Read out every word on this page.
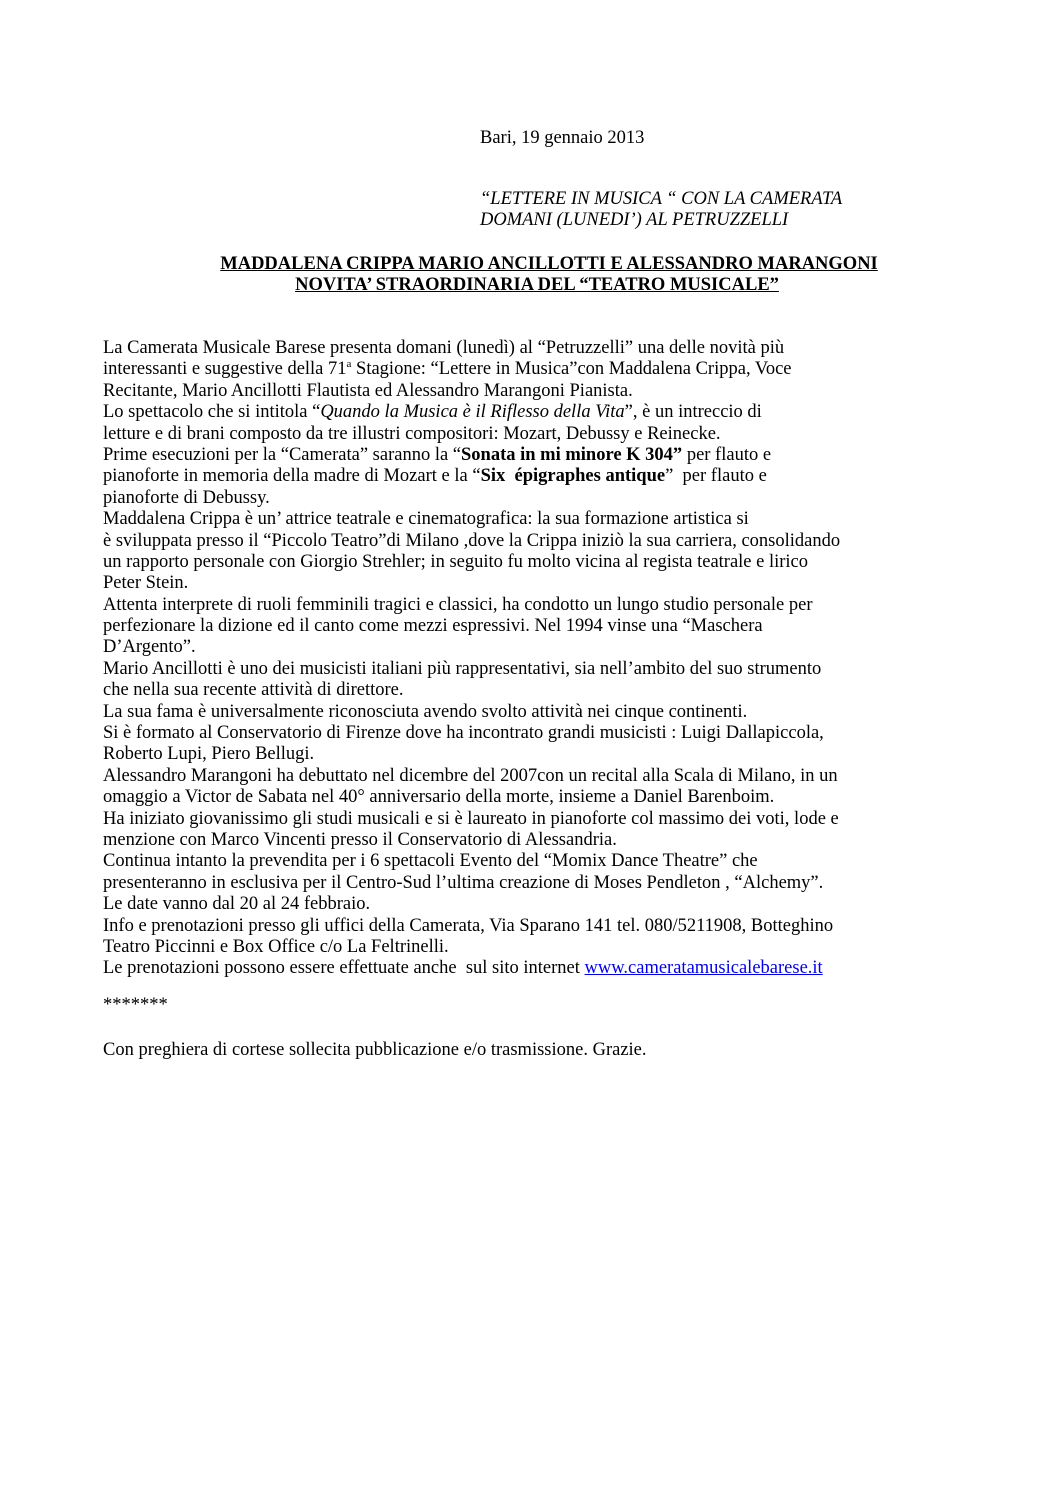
Bari, 19 gennaio 2013

“LETTERE IN MUSICA “ CON LA CAMERATA

DOMANI (LUNEDI’) AL PETRUZZELLI

MADDALENA CRIPPA MARIO ANCILLOTTI E ALESSANDRO MARANGONI

NOVITA’ STRAORDINARIA DEL “TEATRO MUSICALE”

La Camerata Musicale Barese presenta domani (lunedì) al “Petruzzelli” una delle novità più
interessanti e suggestive della 71$^a$ Stagione: “Lettere in Musica”con Maddalena Crippa, Voce
Recitante, Mario Ancillotti Flautista ed Alessandro Marangoni Pianista.
Lo spettacolo che si intitola “Quando la Musica è il Riflesso della Vita”, è un intreccio di
letture e di brani composto da tre illustri compositori: Mozart, Debussy e Reinecke.
Prime esecuzioni per la “Camerata” saranno la “Sonata in mi minore K 304” per flauto e
pianoforte in memoria della madre di Mozart e la “Six  épigraphes antique”  per flauto e
pianoforte di Debussy.
Maddalena Crippa è un’ attrice teatrale e cinematografica: la sua formazione artistica si
è sviluppata presso il “Piccolo Teatro”di Milano ,dove la Crippa iniziò la sua carriera, consolidando
un rapporto personale con Giorgio Strehler; in seguito fu molto vicina al regista teatrale e lirico
Peter Stein.
Attenta interprete di ruoli femminili tragici e classici, ha condotto un lungo studio personale per
perfezionare la dizione ed il canto come mezzi espressivi. Nel 1994 vinse una “Maschera
D’Argento”.
Mario Ancillotti è uno dei musicisti italiani più rappresentativi, sia nell’ambito del suo strumento
che nella sua recente attività di direttore.
La sua fama è universalmente riconosciuta avendo svolto attività nei cinque continenti.
Si è formato al Conservatorio di Firenze dove ha incontrato grandi musicisti : Luigi Dallapiccola,
Roberto Lupi, Piero Bellugi.
Alessandro Marangoni ha debuttato nel dicembre del 2007con un recital alla Scala di Milano, in un
omaggio a Victor de Sabata nel 40° anniversario della morte, insieme a Daniel Barenboim.
Ha iniziato giovanissimo gli studi musicali e si è laureato in pianoforte col massimo dei voti, lode e
menzione con Marco Vincenti presso il Conservatorio di Alessandria.
Continua intanto la prevendita per i 6 spettacoli Evento del “Momix Dance Theatre” che
presenteranno in esclusiva per il Centro-Sud l’ultima creazione di Moses Pendleton , “Alchemy”.
Le date vanno dal 20 al 24 febbraio.
Info e prenotazioni presso gli uffici della Camerata, Via Sparano 141 tel. 080/5211908, Botteghino
Teatro Piccinni e Box Office c/o La Feltrinelli.
Le prenotazioni possono essere effettuate anche  sul sito internet www.cameratamusicalebarese.it

*******

Con preghiera di cortese sollecita pubblicazione e/o trasmissione. Grazie.
